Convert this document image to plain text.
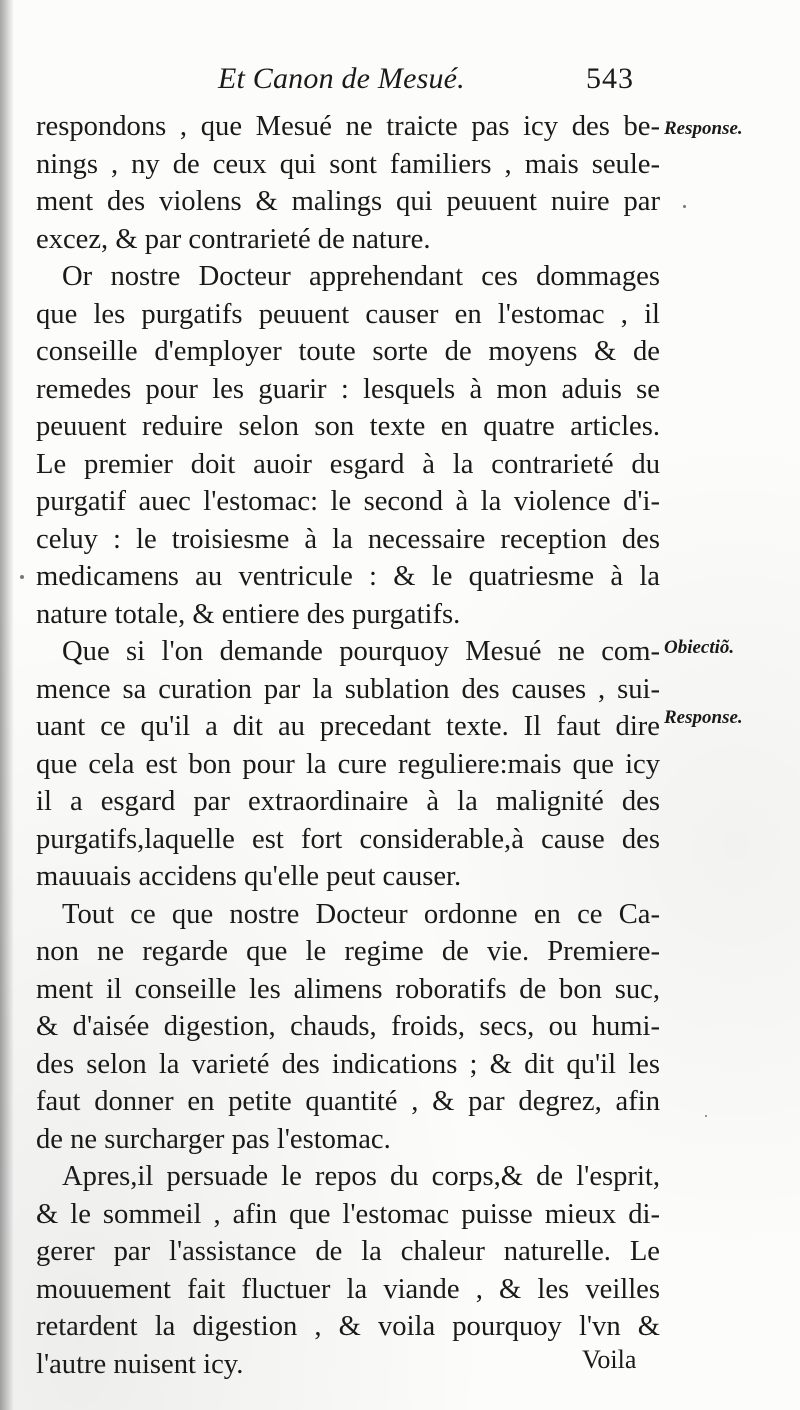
Et Canon de Mesué.	543
respondons , que Mesué ne traicte pas icy des be-
nings , ny de ceux qui sont familiers , mais seule-
ment des violens & malings qui peuuent nuire par
excez, & par contrarieté de nature.
Or nostre Docteur apprehendant ces dommages
que les purgatifs peuuent causer en l'estomac , il
conseille d'employer toute sorte de moyens & de
remedes pour les guarir : lesquels à mon aduis se
peuuent reduire selon son texte en quatre articles.
Le premier doit auoir esgard à la contrarieté du
purgatif auec l'estomac: le second à la violence d'i-
celuy : le troisiesme à la necessaire reception des
medicamens au ventricule : & le quatriesme à la
nature totale, & entiere des purgatifs.
Que si l'on demande pourquoy Mesué ne com-
mence sa curation par la sublation des causes , sui-
uant ce qu'il a dit au precedant texte. Il faut dire
que cela est bon pour la cure reguliere:mais que icy
il a esgard par extraordinaire à la malignité des
purgatifs,laquelle est fort considerable,à cause des
mauuais accidens qu'elle peut causer.
Tout ce que nostre Docteur ordonne en ce Ca-
non ne regarde que le regime de vie. Premiere-
ment il conseille les alimens roboratifs de bon suc,
& d'aisée digestion, chauds, froids, secs, ou humi-
des selon la varieté des indications ; & dit qu'il les
faut donner en petite quantité , & par degrez, afin
de ne surcharger pas l'estomac.
Apres,il persuade le repos du corps,& de l'esprit,
& le sommeil , afin que l'estomac puisse mieux di-
gerer par l'assistance de la chaleur naturelle. Le
mouuement fait fluctuer la viande , & les veilles
retardent la digestion , & voila pourquoy l'vn &
l'autre nuisent icy.
Response.
Obiectiõ.
Response.
Voila
